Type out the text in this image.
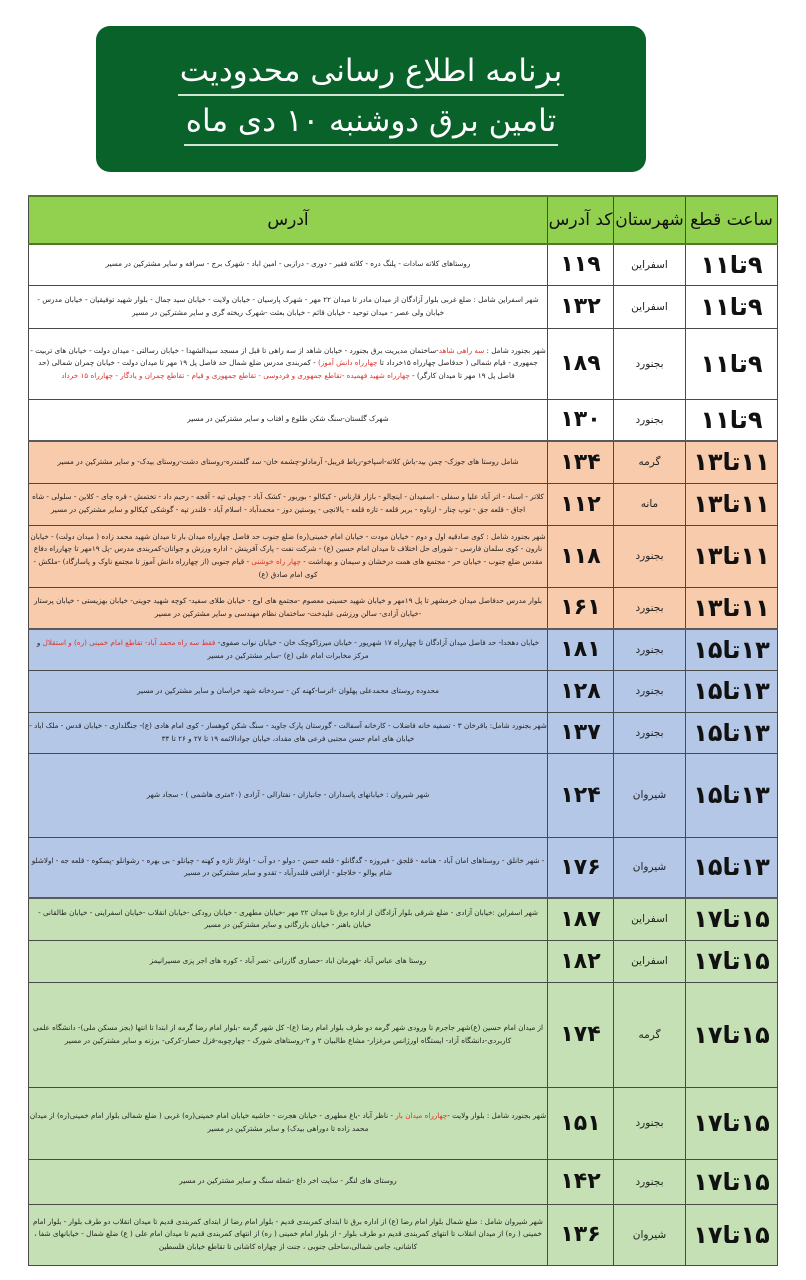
برنامه اطلاع رسانی محدودیت
تامین برق دوشنبه ۱۰ دی ماه
ساعت قطع	شهرستان	کد آدرس	آدرس
۹تا۱۱	اسفراین	۱۱۹	روستاهای کلاته سادات - پلنگ دره - کلاته فقیر - دوری - درازبی - امین اباد - شهرک برج - سرافه و سایر مشترکین در مسیر
۹تا۱۱	اسفراین	۱۳۲	شهر اسفراین شامل : ضلع غربی بلوار آزادگان از میدان مادر تا میدان ۲۲ مهر - شهرک پارسیان - خیابان ولایت - خیابان سید جمال - بلوار شهید توفیقیان - خیابان مدرس - خیابان ولی عصر - میدان توحید - خیابان قائم - خیابان بعثت -شهرک ریخته گری و سایر مشترکین در مسیر
۹تا۱۱	بجنورد	۱۸۹	شهر بجنورد شامل : سه راهی شاهد-ساختمان مدیریت برق بجنورد - خیابان شاهد از سه راهی تا قبل از مسجد سیدالشهدا - خیابان رسالتی - میدان دولت - خیابان های تربیت - جمهوری - قیام شمالی ( حدفاصل چهارراه ۱۵خرداد تا چهارراه دانش آموز) - کمربندی مدرس ضلع شمال حد فاصل پل ۱۹ مهر تا میدان دولت - خیابان چمران شمالی (حد فاصل پل ۱۹ مهر تا میدان کارگر) - چهارراه شهید فهمیده -تقاطع جمهوری و فردوسی - تقاطع جمهوری و قیام - تقاطع چمران و یادگار - چهارراه ۱۵ خرداد
۹تا۱۱	بجنورد	۱۳۰	شهرک گلستان-سنگ شکن طلوع و افتاب و سایر مشترکین در مسیر
۱۱تا۱۳	گرمه	۱۳۴	شامل روستا های جوزک- چمن بید-باش کلاته-اسپاخو-رباط قریبل- آرمادلو-چشمه خان- سد گلمندره-روستای دشت-روستای بیدک- و سایر مشترکین در مسیر
۱۱تا۱۳	مانه	۱۱۲	کلاتر - اسناد - اتر آباد علیا و سفلی - اسفیدان - اینچالو - بازار قارناس - کیکالو - بوربور - کشک آباد - چویلی تپه - آقجه - رحیم داد - تختمش - قره چای - کلاین - سلولی - شاه اجاق - قلعه جق - توپ چنار - ارناوه - بربر قلعه - تازه قلعه - یالانچی - پوستین دوز - محمدآباد - اسلام آباد - قلندر تپه - گوشکی کیکالو و سایر مشترکین در مسیر
۱۱تا۱۳	بجنورد	۱۱۸	شهر بجنورد شامل : کوی صادقیه اول و دوم - خیابان مودت - خیابان امام خمینی(ره) ضلع جنوب حد فاصل چهارراه میدان بار تا میدان شهید محمد زاده ( میدان دولت) - خیابان نارون - کوی سلمان فارسی - شورای حل اختلاف تا میدان امام حسین (ع) - شرکت نفت - پارک آفرینش - اداره ورزش و جوانان-کمربندی مدرس -پل ۱۹مهر تا چهارراه دفاع مقدس ضلع جنوب - خیابان حر - مجتمع های همت درخشان و سیمان و بهداشت - چهار راه خوشنی - قیام جنوبی (از چهارراه دانش آموز تا مجتمع ناوک و پاسارگاد) -ملکش - کوی امام صادق (ع)
۱۱تا۱۳	بجنورد	۱۶۱	بلوار مدرس حدفاصل میدان خرمشهر تا پل ۱۹مهر و خیابان شهید حسینی معصوم -مجتمع های اوج - خیابان طلای سفید- کوچه شهید جوینی- خیابان بهزیستی - خیابان پرستار -خیابان آزادی- سالن ورزشی علیدخت- ساختمان نظام مهندسی و سایر مشترکین در مسیر
۱۳تا۱۵	بجنورد	۱۸۱	خیابان دهخدا- حد فاصل میدان آزادگان تا چهارراه ۱۷ شهریور - خیابان میرزاکوچک خان - خیابان نواب صفوی- فقط سه راه محمد آباد- تقاطع امام خمینی (ره) و استقلال و مرکز مخابرات امام علی (ع) -سایر مشترکین در مسیر
۱۳تا۱۵	بجنورد	۱۲۸	محدوده روستای محمدعلی پهلوان -اترسا-کهنه کن - سردخانه شهد خراسان و سایر مشترکین در مسیر
۱۳تا۱۵	بجنورد	۱۳۷	شهر بجنورد شامل: باقرخان ۳ - تصفیه خانه فاضلاب - کارخانه آسفالت - گورستان پارک جاوید - سنگ شکن کوهسار - کوی امام هادی (ع)- جنگلداری - خیابان قدس - ملک اباد - خیابان های امام حسن مجتبی فرعی های مقداد، خیابان جوادالائمه ۱۹ تا ۲۷ و ۲۶ تا ۳۴
۱۳تا۱۵	شیروان	۱۲۴	شهر شیروان : خیابانهای پاسداران - جانبازان - نفتارالی - آزادی (۲۰متری هاشمی ) - سجاد شهر
۱۳تا۱۵	شیروان	۱۷۶	- شهر خانلق - روستاهای امان آباد - هنامه - قلجق - فیروزه - گدگانلو - قلعه حسن - دولو - دو آب - اوغاز تازه و کهنه - چیانلو - بی بهره - رشوانلو -پسکوه - قلعه جه - اولاشلو شام یوالو - خلاجلو - ارافنی قلندرآباد - تقدو و سایر مشترکین در مسیر
۱۵تا۱۷	اسفراین	۱۸۷	شهر اسفراین :خیابان آزادی - ضلع شرقی بلوار آزادگان از اداره برق تا میدان ۲۲ مهر -خیابان مطهری - خیابان رودکی -خیابان انقلاب -خیابان اسفراینی - خیابان طالقانی - خیابان باهنر - خیابان بازرگانی و سایر مشترکین در مسیر
۱۵تا۱۷	اسفراین	۱۸۲	روستا های عباس آباد -قهرمان اباد -حصاری گازرانی -نصر آباد - کوره های اجر پزی مسیرانیمز
۱۵تا۱۷	گرمه	۱۷۴	از میدان امام حسین (ع)شهر جاجرم تا ورودی شهر گرمه دو طرف بلوار امام رضا (ع)- کل شهر گرمه -بلوار امام رضا گرمه از ابتدا تا انتها (بجز مسکن ملی)- دانشگاه علمی کاربردی-دانشگاه آزاد- ایستگاه اورژانس مرغزار- مشاع طالبیان ۲ و ۲-روستاهای شورک - چهارچوبه-قزل حصار-کرکی- برزنه و سایر مشترکین در مسیر
۱۵تا۱۷	بجنورد	۱۵۱	شهر بجنورد شامل : بلوار ولایت -چهارراه میدان بار - ناظر آباد -باغ مطهری - خیابان هجرت - حاشیه خیابان امام خمینی(ره) غربی ( ضلع شمالی بلوار امام خمینی(ره) از میدان محمد زاده تا دوراهی بیدک) و سایر مشترکین در مسیر
۱۵تا۱۷	بجنورد	۱۴۲	روستای های لنگر - سایت اخر داغ -شعله سنگ و سایر مشترکین در مسیر
۱۵تا۱۷	شیروان	۱۳۶	شهر شیروان شامل : ضلع شمال بلوار امام رضا (ع) از اداره برق تا ابتدای کمربندی قدیم - بلوار امام رضا از ابتدای کمربندی قدیم تا میدان انقلاب دو طرف بلوار - بلوار امام خمینی ( ره) از میدان انقلاب تا انتهای کمربندی قدیم دو طرف بلوار - از بلوار امام خمینی ( ره) از انتهای کمربندی قدیم تا میدان امام علی ( ع) ضلع شمال - خیابانهای شفا ، کاشانی، جامی شمالی،ساحلی جنوبی ، جنت از چهاراه کاشانی تا تقاطع خیابان فلسطین
